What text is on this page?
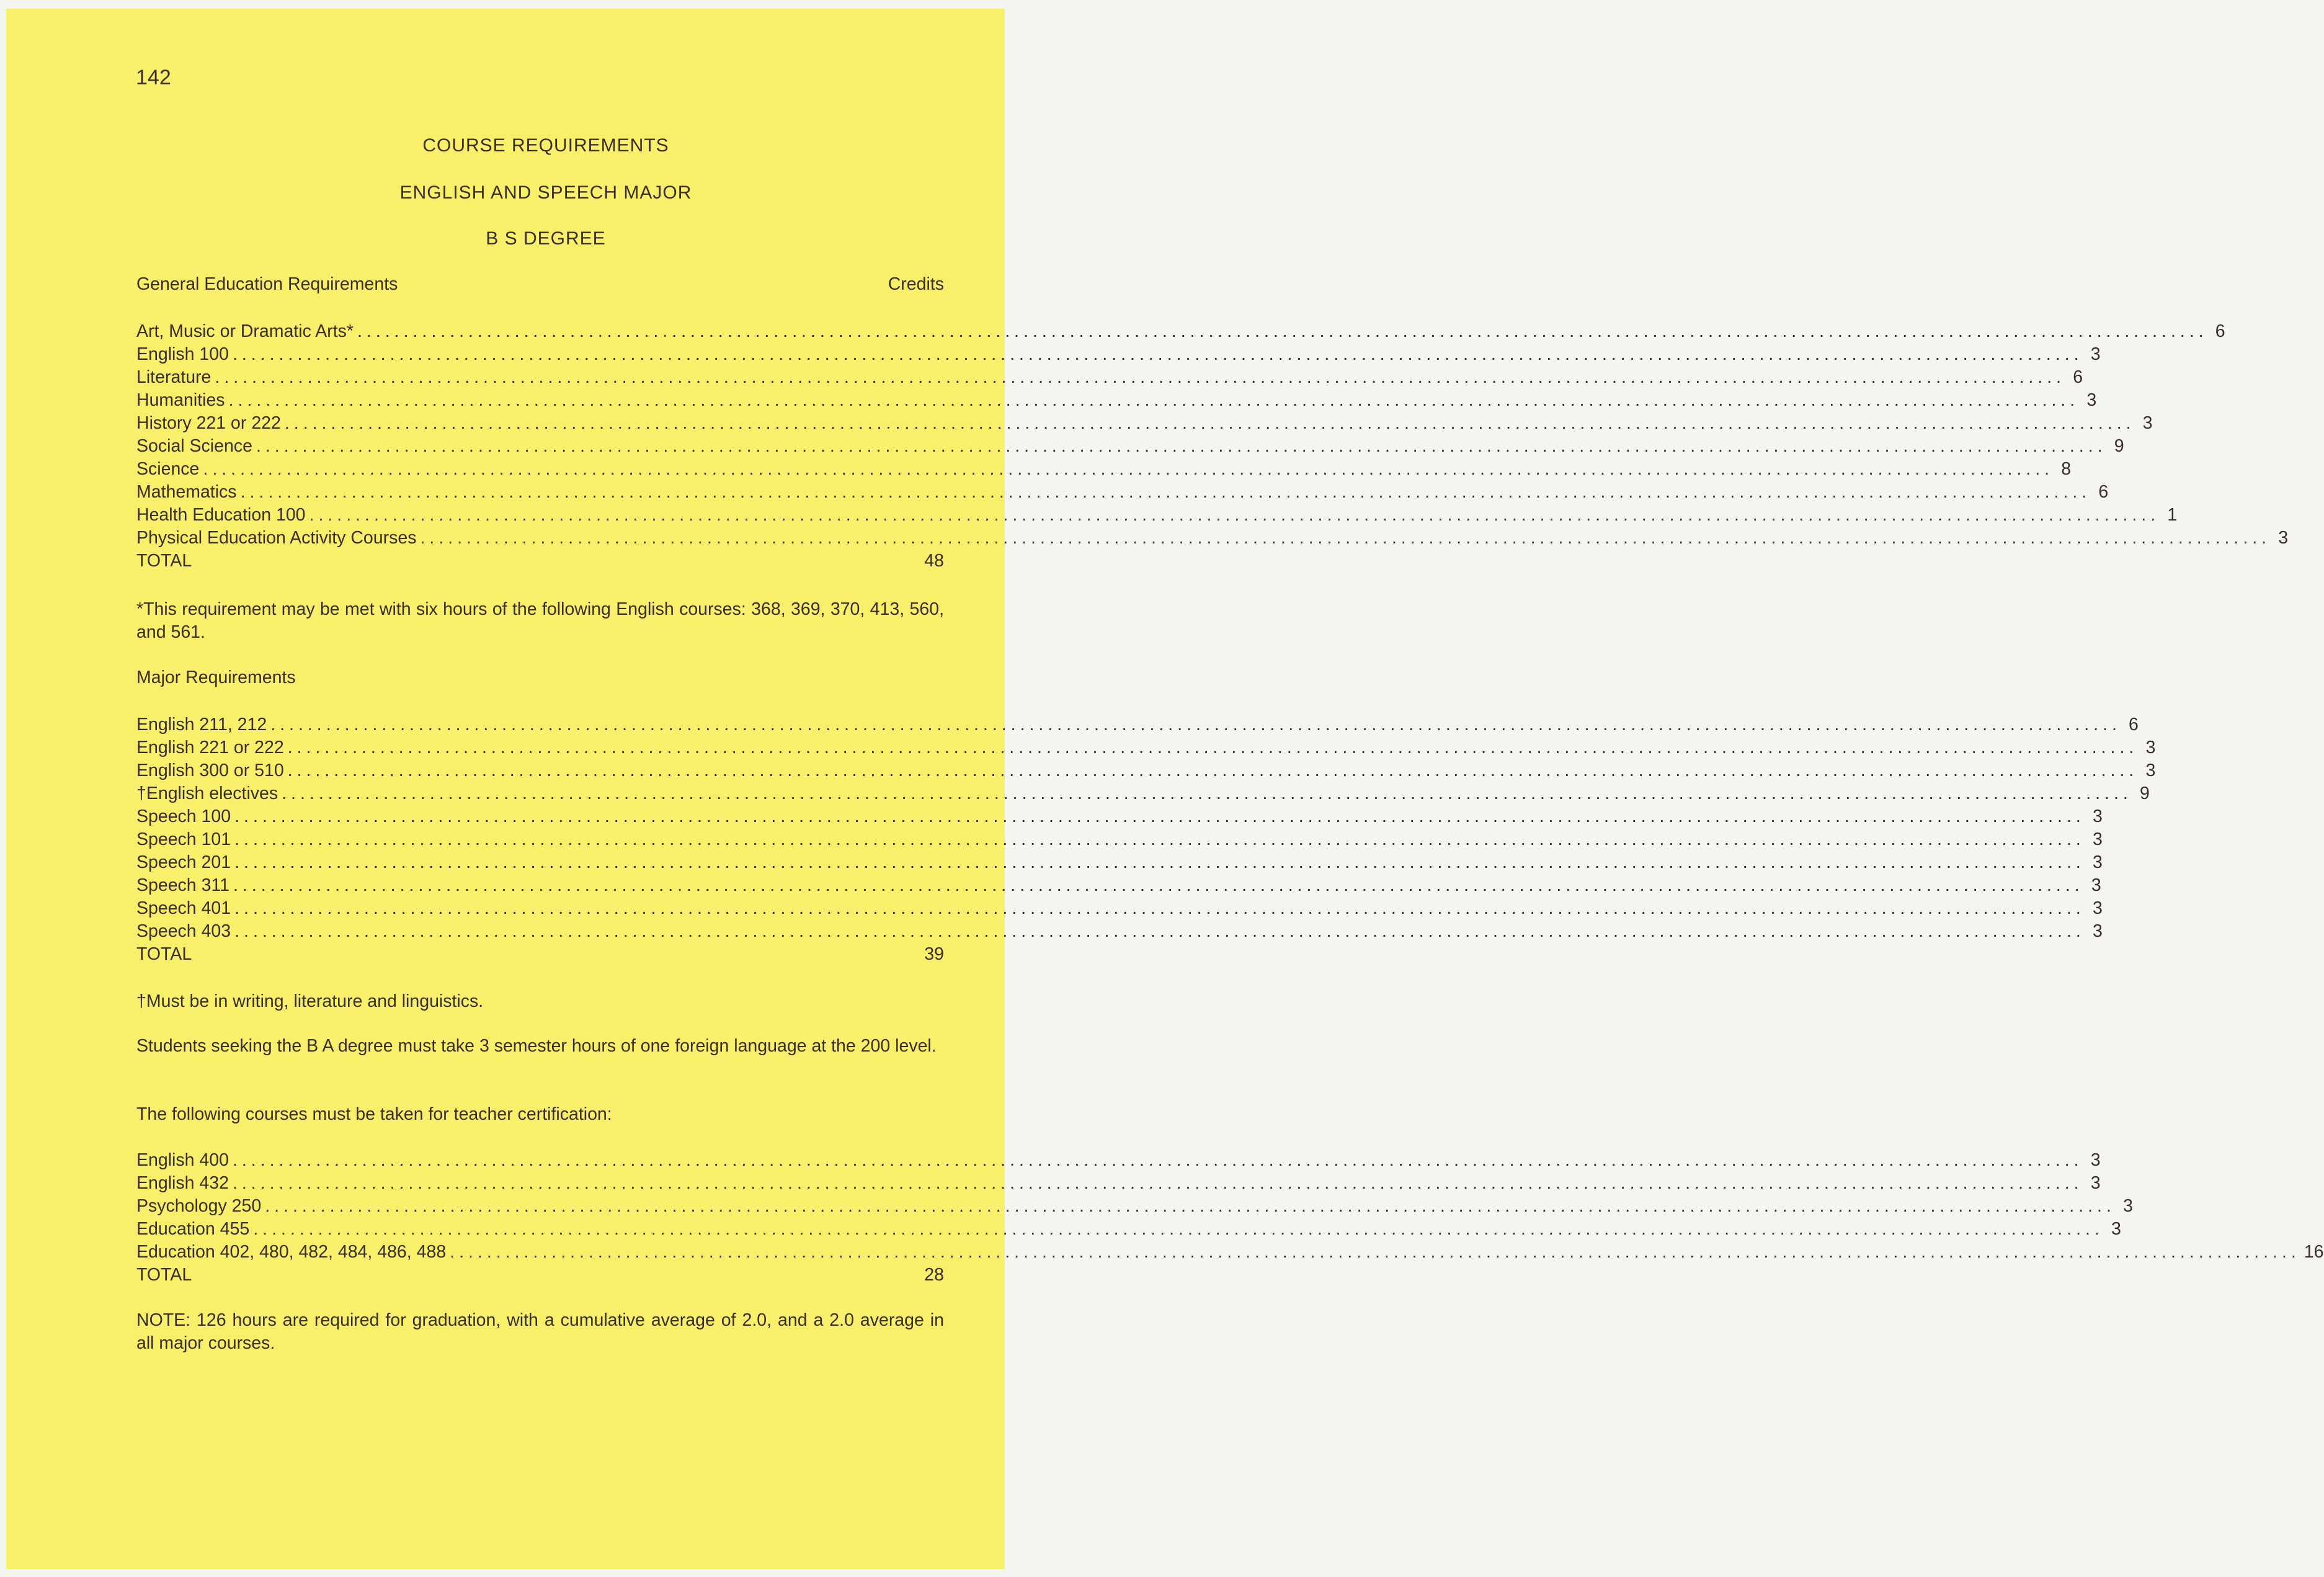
142
COURSE REQUIREMENTS
ENGLISH AND SPEECH MAJOR
B S DEGREE
General Education Requirements	Credits
Art, Music or Dramatic Arts* ........................................................................................................................................................................................................ 6
English 100 ........................................................................................................................................................................................................ 3
Literature ........................................................................................................................................................................................................ 6
Humanities ........................................................................................................................................................................................................ 3
History 221 or 222 ........................................................................................................................................................................................................ 3
Social Science ........................................................................................................................................................................................................ 9
Science ........................................................................................................................................................................................................ 8
Mathematics ........................................................................................................................................................................................................ 6
Health Education 100 ........................................................................................................................................................................................................ 1
Physical Education Activity Courses ........................................................................................................................................................................................................ 3
TOTAL	48
*This requirement may be met with six hours of the following English courses: 368, 369, 370, 413, 560, and 561.
Major Requirements
English 211, 212 ........................................................................................................................................................................................................ 6
English 221 or 222 ........................................................................................................................................................................................................ 3
English 300 or 510 ........................................................................................................................................................................................................ 3
†English electives ........................................................................................................................................................................................................ 9
Speech 100 ........................................................................................................................................................................................................ 3
Speech 101 ........................................................................................................................................................................................................ 3
Speech 201 ........................................................................................................................................................................................................ 3
Speech 311 ........................................................................................................................................................................................................ 3
Speech 401 ........................................................................................................................................................................................................ 3
Speech 403 ........................................................................................................................................................................................................ 3
TOTAL	39
†Must be in writing, literature and linguistics.
Students seeking the B A degree must take 3 semester hours of one foreign language at the 200 level.
The following courses must be taken for teacher certification:
English 400 ........................................................................................................................................................................................................ 3
English 432 ........................................................................................................................................................................................................ 3
Psychology 250 ........................................................................................................................................................................................................ 3
Education 455 ........................................................................................................................................................................................................ 3
Education 402, 480, 482, 484, 486, 488 ........................................................................................................................................................................................................ 16
TOTAL	28
NOTE: 126 hours are required for graduation, with a cumulative average of 2.0, and a 2.0 average in all major courses.
